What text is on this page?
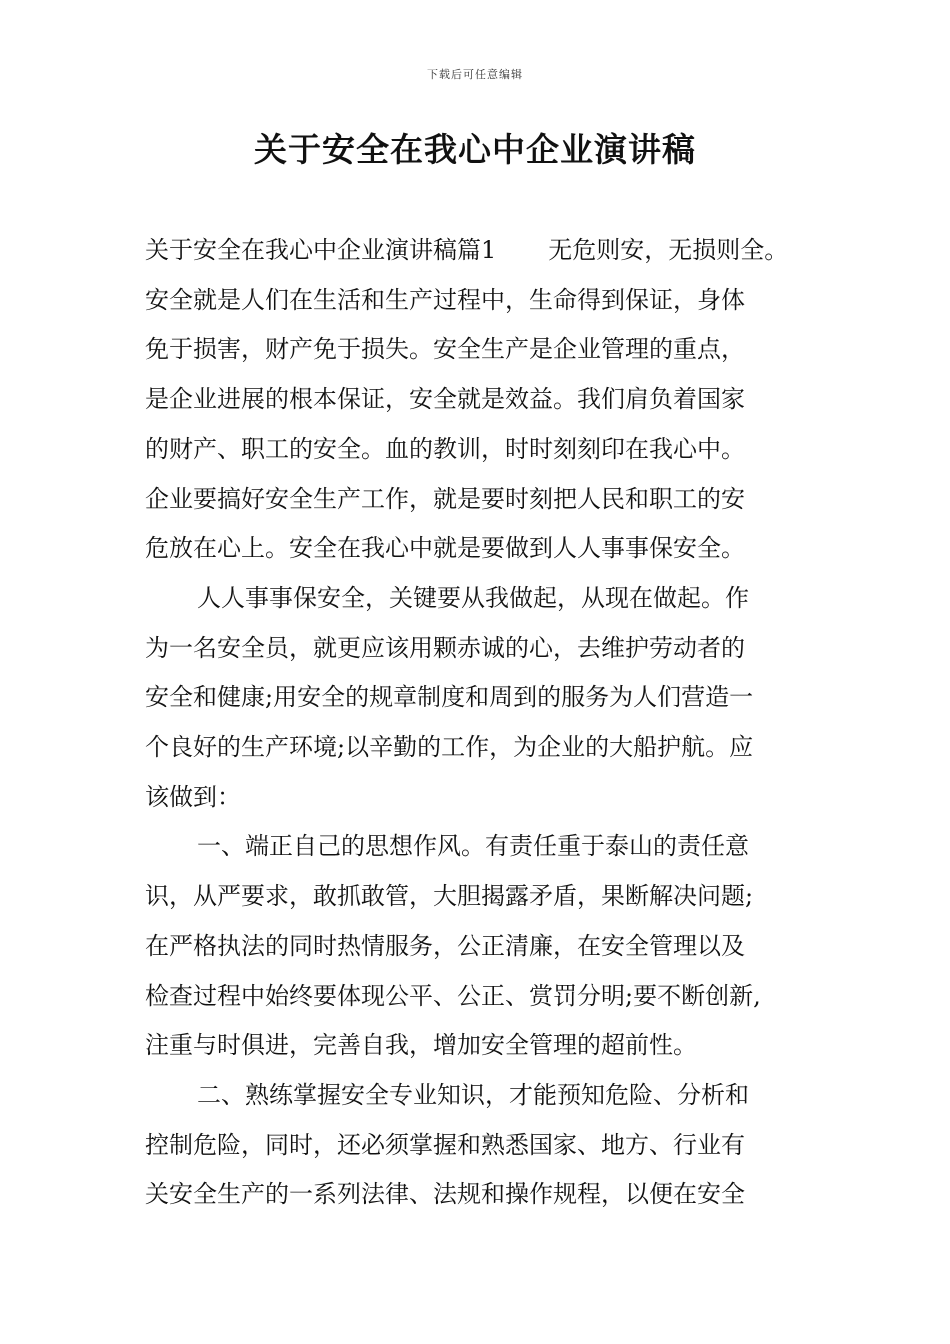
下载后可任意编辑
关于安全在我心中企业演讲稿

关于安全在我心中企业演讲稿篇1 无危则安，无损则全。
安全就是人们在生活和生产过程中，生命得到保证，身体
免于损害，财产免于损失。安全生产是企业管理的重点，
是企业进展的根本保证，安全就是效益。我们肩负着国家
的财产、职工的安全。血的教训，时时刻刻印在我心中。
企业要搞好安全生产工作，就是要时刻把人民和职工的安
危放在心上。安全在我心中就是要做到人人事事保安全。

人人事事保安全，关键要从我做起，从现在做起。作
为一名安全员，就更应该用颗赤诚的心，去维护劳动者的
安全和健康;用安全的规章制度和周到的服务为人们营造一
个良好的生产环境;以辛勤的工作，为企业的大船护航。应
该做到：

一、端正自己的思想作风。有责任重于泰山的责任意
识，从严要求，敢抓敢管，大胆揭露矛盾，果断解决问题;
在严格执法的同时热情服务，公正清廉，在安全管理以及
检查过程中始终要体现公平、公正、赏罚分明;要不断创新,
注重与时俱进，完善自我，增加安全管理的超前性。

二、熟练掌握安全专业知识，才能预知危险、分析和
控制危险，同时，还必须掌握和熟悉国家、地方、行业有
关安全生产的一系列法律、法规和操作规程，以便在安全
